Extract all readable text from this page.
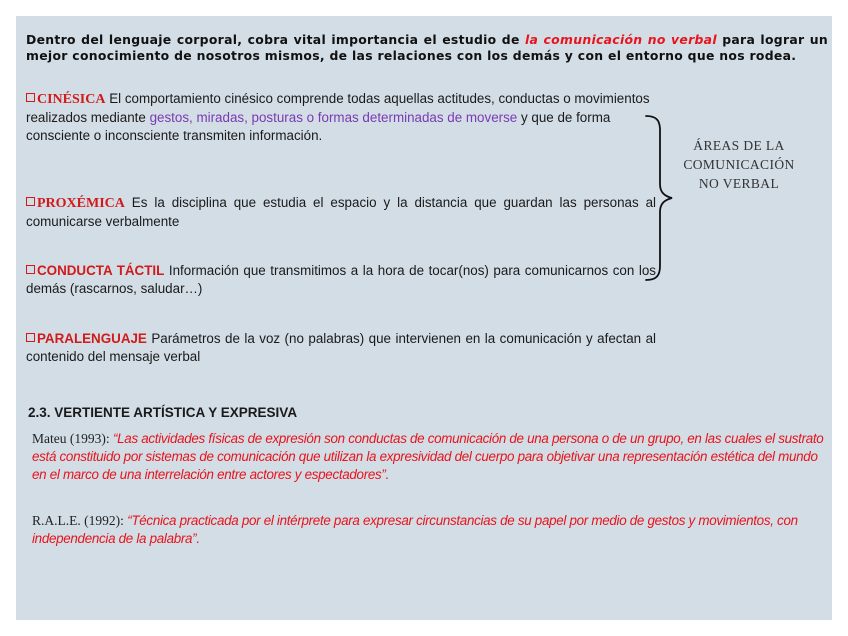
Dentro del lenguaje corporal, cobra vital importancia el estudio de la comunicación no verbal para lograr un mejor conocimiento de nosotros mismos, de las relaciones con los demás y con el entorno que nos rodea.
CINÉSICA El comportamiento cinésico comprende todas aquellas actitudes, conductas o movimientos realizados mediante gestos, miradas, posturas o formas determinadas de moverse y que de forma consciente o inconsciente transmiten información.
PROXÉMICA Es la disciplina que estudia el espacio y la distancia que guardan las personas al comunicarse verbalmente
CONDUCTA TÁCTIL Información que transmitimos a la hora de tocar(nos) para comunicarnos con los demás (rascarnos, saludar…)
PARALENGUAJE Parámetros de la voz (no palabras) que intervienen en la comunicación y afectan al contenido del mensaje verbal
ÁREAS DE LA
COMUNICACIÓN
NO VERBAL
2.3. VERTIENTE ARTÍSTICA Y EXPRESIVA
Mateu (1993): “Las actividades físicas de expresión son conductas de comunicación de una persona o de un grupo, en las cuales el sustrato está constituido por sistemas de comunicación que utilizan la expresividad del cuerpo para objetivar una representación estética del mundo en el marco de una interrelación entre actores y espectadores”.
R.A.L.E. (1992): “Técnica practicada por el intérprete para expresar circunstancias de su papel por medio de gestos y movimientos, con independencia de la palabra”.
